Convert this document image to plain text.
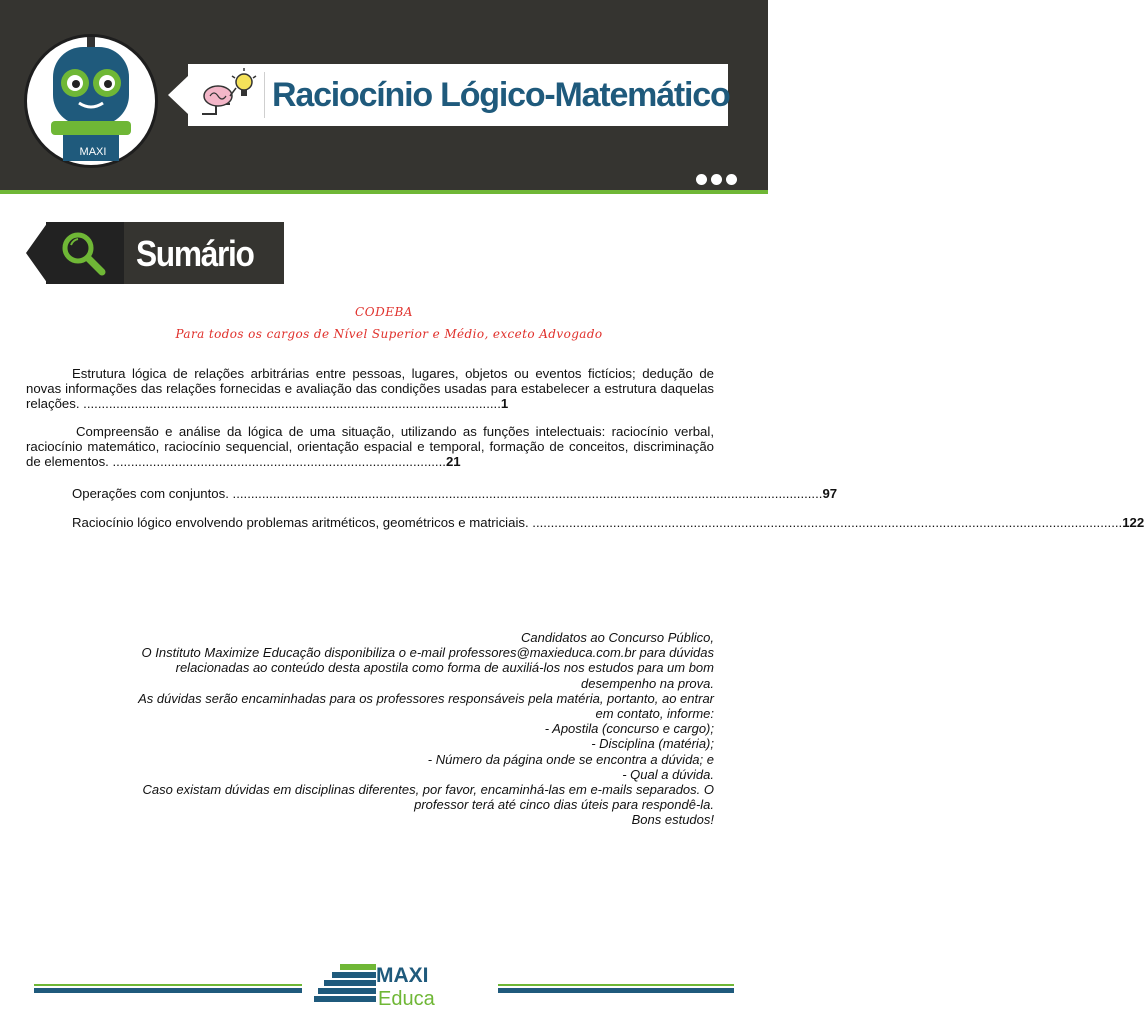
MAXI
Raciocínio Lógico-Matemático
Sumário
CODEBA
Para todos os cargos de Nível Superior e Médio, exceto Advogado
Estrutura lógica de relações arbitrárias entre pessoas, lugares, objetos ou eventos fictícios; dedução de novas informações das relações fornecidas e avaliação das condições usadas para estabelecer a estrutura daquelas relações. ..................................................................................................................1
Compreensão e análise da lógica de uma situação, utilizando as funções intelectuais: raciocínio verbal, raciocínio matemático, raciocínio sequencial, orientação espacial e temporal, formação de conceitos, discriminação de elementos. ...........................................................................................21
Operações com conjuntos. ................................................................................................................................................................. 97
Raciocínio lógico envolvendo problemas aritméticos, geométricos e matriciais. ................................................................................................................................................................. 122
Candidatos ao Concurso Público,
O Instituto Maximize Educação disponibiliza o e-mail professores@maxieduca.com.br para dúvidas
relacionadas ao conteúdo desta apostila como forma de auxiliá-los nos estudos para um bom
desempenho na prova.
As dúvidas serão encaminhadas para os professores responsáveis pela matéria, portanto, ao entrar
em contato, informe:
- Apostila (concurso e cargo);
- Disciplina (matéria);
- Número da página onde se encontra a dúvida; e
- Qual a dúvida.
Caso existam dúvidas em disciplinas diferentes, por favor, encaminhá-las em e-mails separados. O
professor terá até cinco dias úteis para respondê-la.
Bons estudos!
MAXI
Educa
